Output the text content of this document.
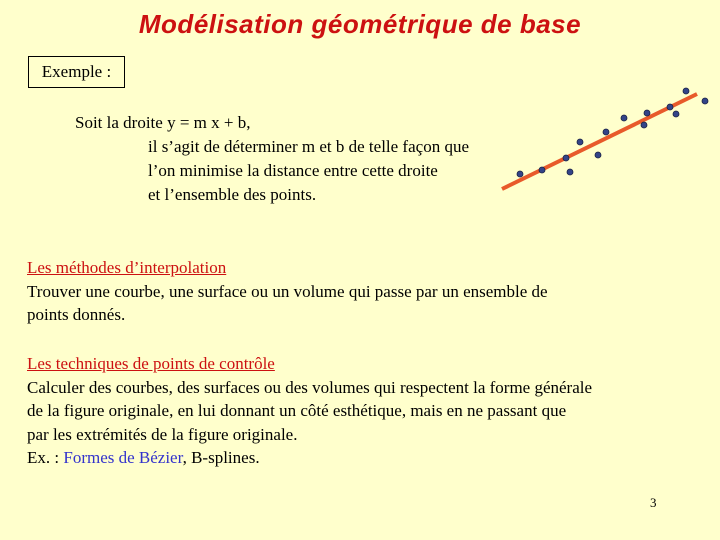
Modélisation géométrique de base
Exemple :
Soit la droite y = m x + b,
il s’agit de déterminer m et b de telle façon que
l’on minimise la distance entre cette droite
et l’ensemble des points.
Les méthodes d’interpolation
Trouver une courbe, une surface ou un volume qui passe par un ensemble de
points donnés.
Les techniques de points de contrôle
Calculer des courbes, des surfaces ou des volumes qui respectent la forme générale
de la figure originale, en lui donnant un côté esthétique, mais en ne passant que
par les extrémités de la figure originale.
Ex. : Formes de Bézier, B-splines.
3
